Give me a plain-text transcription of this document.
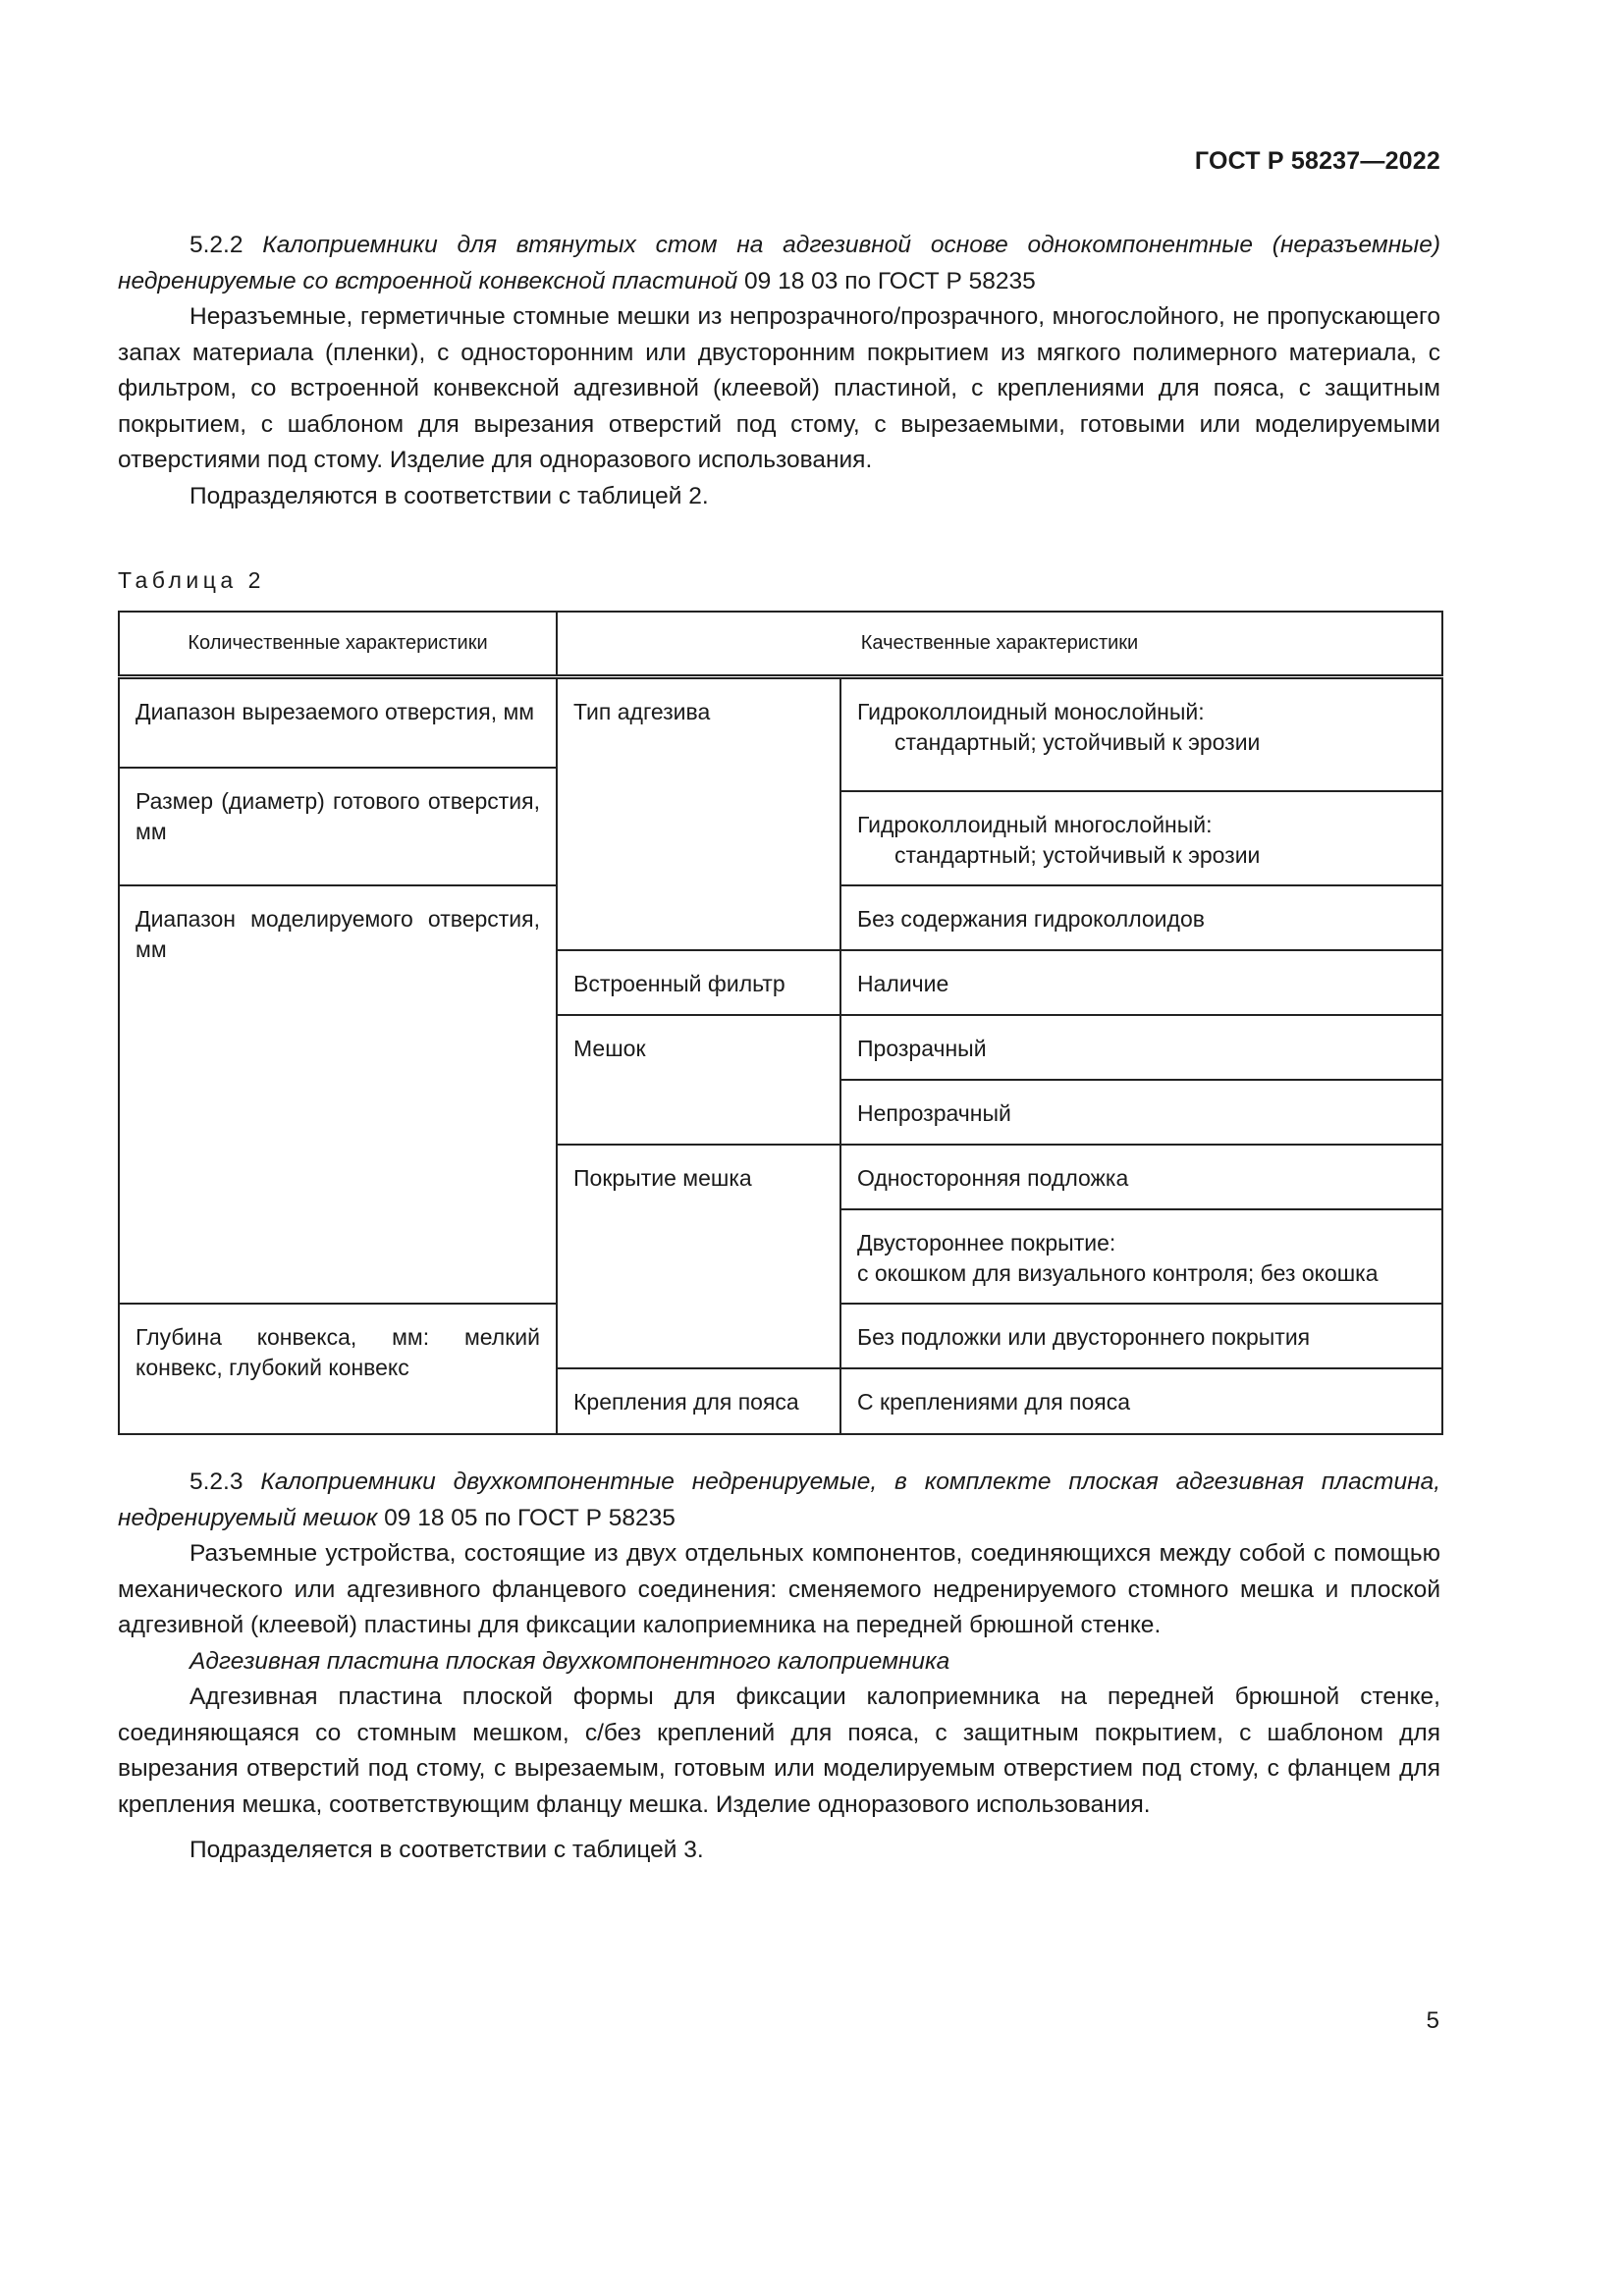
ГОСТ Р 58237—2022

5.2.2 Калоприемники для втянутых стом на адгезивной основе однокомпонентные (неразъемные) недренируемые со встроенной конвексной пластиной 09 18 03 по ГОСТ Р 58235

Неразъемные, герметичные стомные мешки из непрозрачного/прозрачного, многослойного, не пропускающего запах материала (пленки), с односторонним или двусторонним покрытием из мягкого полимерного материала, с фильтром, со встроенной конвексной адгезивной (клеевой) пластиной, с креплениями для пояса, с защитным покрытием, с шаблоном для вырезания отверстий под стому, с вырезаемыми, готовыми или моделируемыми отверстиями под стому. Изделие для одноразового использования.

Подразделяются в соответствии с таблицей 2.

Таблица 2
Количественные характеристики	Качественные характеристики	
Диапазон вырезаемого отверстия, мм	Тип адгезива	Гидроколлоидный монослойный:
стандартный; устойчивый к эрозии

Размер (диаметр) готового отверстия, мм		
		Гидроколлоидный многослойный:
стандартный; устойчивый к эрозии

Диапазон моделируемого отверстия, мм		Без содержания гидроколлоидов
	Встроенный фильтр	Наличие
	Мешок	Прозрачный
		Непрозрачный
	Покрытие мешка	Односторонняя подложка
		Двустороннее покрытие:
с окошком для визуального контроля; без окошка
Глубина конвекса, мм: мелкий конвекс, глубокий конвекс		Без подложки или двустороннего покрытия
	Крепления для пояса	С креплениями для пояса

5.2.3 Калоприемники двухкомпонентные недренируемые, в комплекте плоская адгезивная пластина, недренируемый мешок 09 18 05 по ГОСТ Р 58235

Разъемные устройства, состоящие из двух отдельных компонентов, соединяющихся между собой с помощью механического или адгезивного фланцевого соединения: сменяемого недренируемого стомного мешка и плоской адгезивной (клеевой) пластины для фиксации калоприемника на передней брюшной стенке.

Адгезивная пластина плоская двухкомпонентного калоприемника

Адгезивная пластина плоской формы для фиксации калоприемника на передней брюшной стенке, соединяющаяся со стомным мешком, с/без креплений для пояса, с защитным покрытием, с шаблоном для вырезания отверстий под стому, с вырезаемым, готовым или моделируемым отверстием под стому, с фланцем для крепления мешка, соответствующим фланцу мешка. Изделие одноразового использования.

Подразделяется в соответствии с таблицей 3.

5
